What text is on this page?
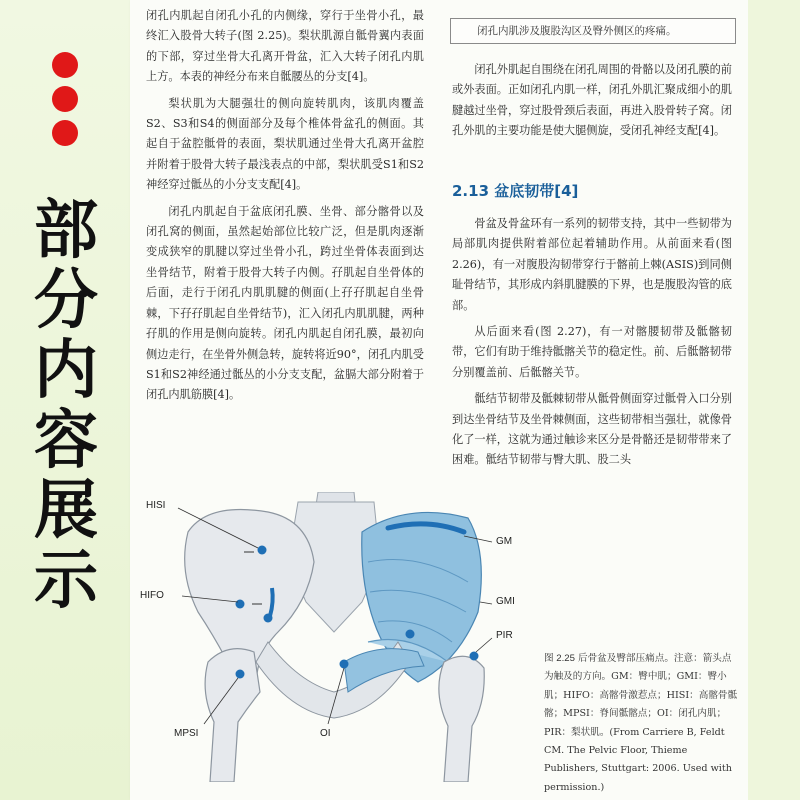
部
分
内
容
展
示

闭孔内肌起自闭孔小孔的内侧缘，穿行于坐骨小孔，最终汇入股骨大转子(图 2.25)。梨状肌源自骶骨翼内表面的下部，穿过坐骨大孔离开骨盆，汇入大转子闭孔内肌上方。本表的神经分布来自骶腰丛的分支[4]。

梨状肌为大腿强壮的侧向旋转肌肉，该肌肉覆盖S2、S3和S4的侧面部分及每个椎体骨盆孔的侧面。其起自于盆腔骶骨的表面，梨状肌通过坐骨大孔离开盆腔并附着于股骨大转子最浅表点的中部，梨状肌受S1和S2神经穿过骶丛的小分支支配[4]。

闭孔内肌起自于盆底闭孔膜、坐骨、部分髂骨以及闭孔窝的侧面，虽然起始部位比较广泛，但是肌肉逐渐变成狭窄的肌腱以穿过坐骨小孔，跨过坐骨体表面到达坐骨结节，附着于股骨大转子内侧。孖肌起自坐骨体的后面，走行于闭孔内肌肌腱的侧面(上孖孖肌起自坐骨棘，下孖孖肌起自坐骨结节)，汇入闭孔内肌肌腱，两种孖肌的作用是侧向旋转。闭孔内肌起自闭孔膜，最初向侧边走行，在坐骨外侧急转，旋转将近90°，闭孔内肌受S1和S2神经通过骶丛的小分支支配，盆膈大部分附着于闭孔内肌筋膜[4]。

闭孔内肌涉及腹股沟区及臀外侧区的疼痛。

闭孔外肌起自围绕在闭孔周围的骨骼以及闭孔膜的前或外表面。正如闭孔内肌一样，闭孔外肌汇聚成细小的肌腱越过坐骨，穿过股骨颈后表面，再进入股骨转子窝。闭孔外肌的主要功能是使大腿侧旋，受闭孔神经支配[4]。

2.13 盆底韧带[4]

骨盆及骨盆环有一系列的韧带支持，其中一些韧带为局部肌肉提供附着部位起着辅助作用。从前面来看(图 2.26)，有一对腹股沟韧带穿行于髂前上棘(ASIS)到同侧耻骨结节，其形成内斜肌腱膜的下界，也是腹股沟管的底部。

从后面来看(图 2.27)，有一对髂腰韧带及骶髂韧带，它们有助于维持骶髂关节的稳定性。前、后骶髂韧带分别覆盖前、后骶髂关节。

骶结节韧带及骶棘韧带从骶骨侧面穿过骶骨入口分别到达坐骨结节及坐骨棘侧面，这些韧带相当强壮，就像骨化了一样，这就为通过触诊来区分是骨骼还是韧带带来了困难。骶结节韧带与臀大肌、股二头

HISI
HIFO
MPSI	OI
GM
GMI
PIR
图 2.25 后骨盆及臀部压痛点。注意：箭头点为触及的方向。GM：臀中肌；GMI：臀小肌；HIFO：高髂骨激惹点；HISI：高髂骨骶髂；MPSI：脊间骶髂点；OI：闭孔内肌；PIR：梨状肌。(From Carriere B, Feldt CM. The Pelvic Floor, Thieme Publishers, Stuttgart: 2006. Used with permission.)
